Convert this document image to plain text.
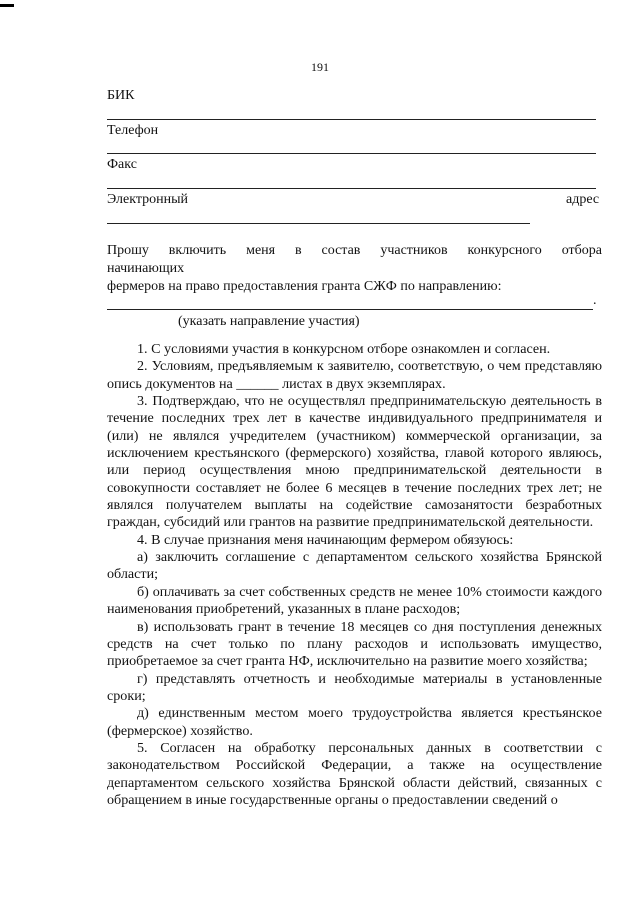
191
БИК
Телефон
Факс
Электронный	адрес
Прошу включить меня в состав участников конкурсного отбора
начинающих
фермеров на право предоставления гранта СЖФ по направлению:
.
(указать направление участия)

1. С условиями участия в конкурсном отборе ознакомлен и согласен.

2. Условиям, предъявляемым к заявителю, соответствую, о чем представляю опись документов на ______ листах в двух экземплярах.

3. Подтверждаю, что не осуществлял предпринимательскую деятельность в течение последних трех лет в качестве индивидуального предпринимателя и (или) не являлся учредителем (участником) коммерческой организации, за исключением крестьянского (фермерского) хозяйства, главой которого являюсь, или период осуществления мною предпринимательской деятельности в совокупности составляет не более 6 месяцев в течение последних трех лет; не являлся получателем выплаты на содействие самозанятости безработных граждан, субсидий или грантов на развитие предпринимательской деятельности.

4. В случае признания меня начинающим фермером обязуюсь:

а) заключить соглашение с департаментом сельского хозяйства Брянской области;

б) оплачивать за счет собственных средств не менее 10% стоимости каждого наименования приобретений, указанных в плане расходов;

в) использовать грант в течение 18 месяцев со дня поступления денежных средств на счет только по плану расходов и использовать имущество, приобретаемое за счет гранта НФ, исключительно на развитие моего хозяйства;

г) представлять отчетность и необходимые материалы в установленные сроки;

д) единственным местом моего трудоустройства является крестьянское (фермерское) хозяйство.

5. Согласен на обработку персональных данных в соответствии с законодательством Российской Федерации, а также на осуществление департаментом сельского хозяйства Брянской области действий, связанных с обращением в иные государственные органы о предоставлении сведений о
